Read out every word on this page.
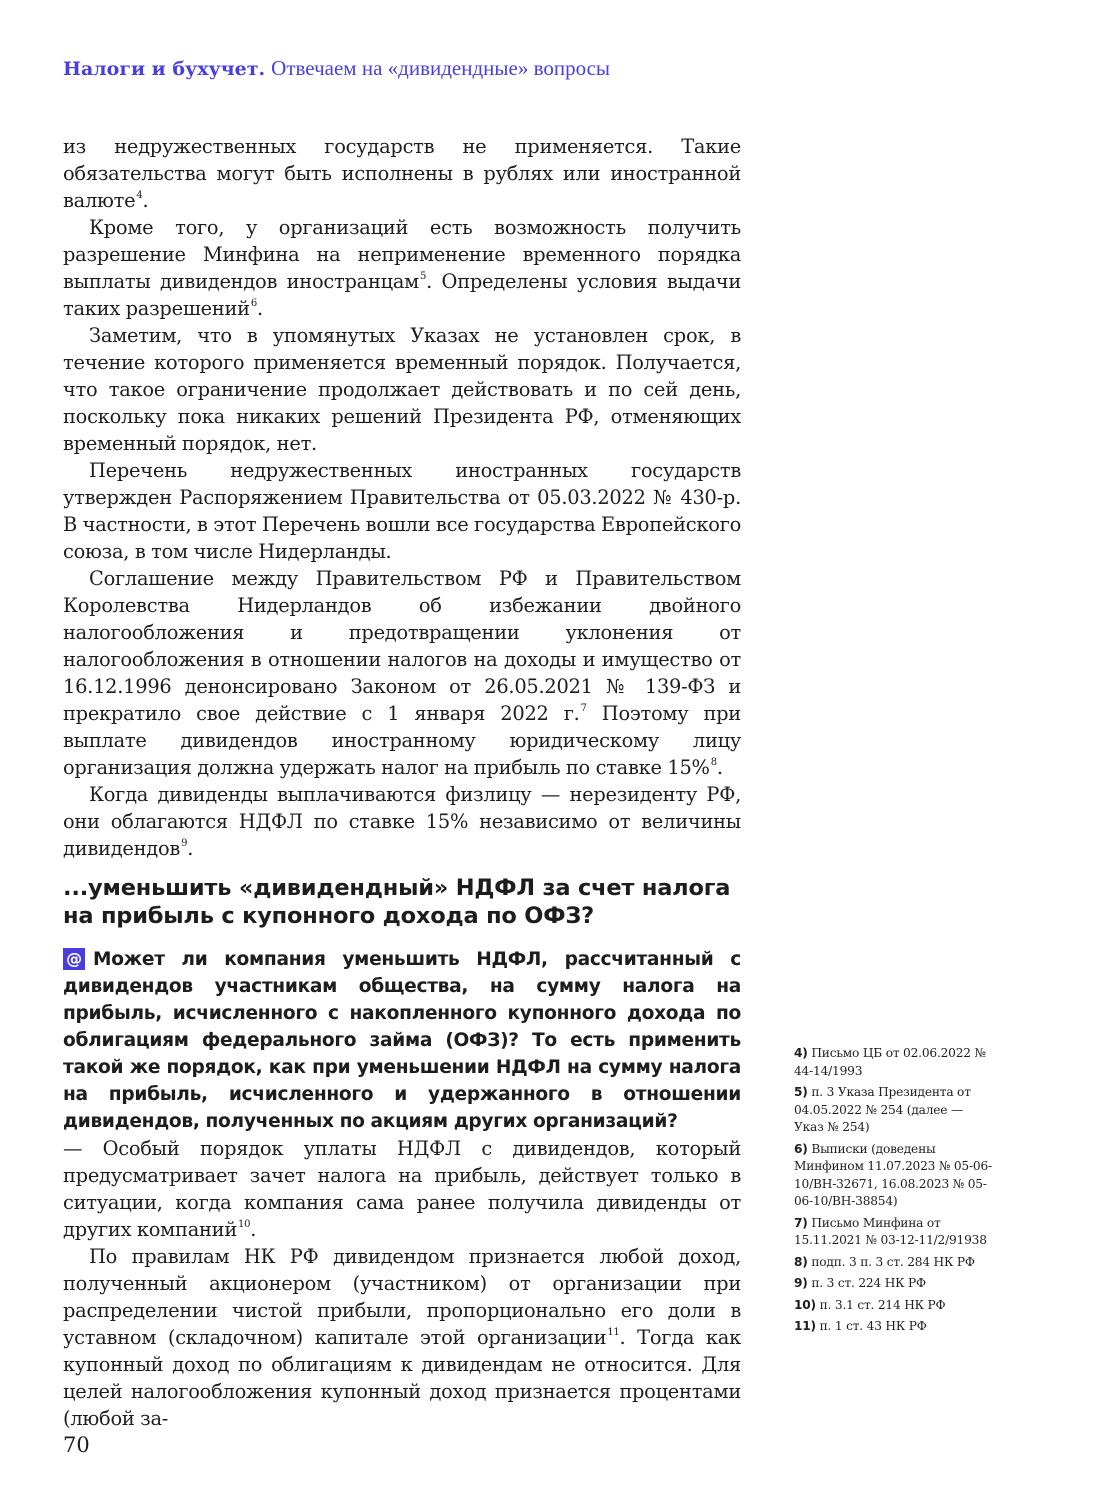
Налоги и бухучет. Отвечаем на «дивидендные» вопросы

из недружественных государств не применяется. Такие обязательства могут быть исполнены в рублях или иностранной валюте$^4$.

Кроме того, у организаций есть возможность получить разрешение Минфина на неприменение временного порядка выплаты дивидендов иностранцам$^5$. Определены условия выдачи таких разрешений$^6$.

Заметим, что в упомянутых Указах не установлен срок, в течение которого применяется временный порядок. Получается, что такое ограничение продолжает действовать и по сей день, поскольку пока никаких решений Президента РФ, отменяющих временный порядок, нет.

Перечень недружественных иностранных государств утвержден Распоряжением Правительства от 05.03.2022 № 430-р. В частности, в этот Перечень вошли все государства Европейского союза, в том числе Нидерланды.

Соглашение между Правительством РФ и Правительством Королевства Нидерландов об избежании двойного налогообложения и предотвращении уклонения от налогообложения в отношении налогов на доходы и имущество от 16.12.1996 денонсировано Законом от 26.05.2021 № 139-ФЗ и прекратило свое действие с 1 января 2022 г.$^7$ Поэтому при выплате дивидендов иностранному юридическому лицу организация должна удержать налог на прибыль по ставке 15%$^8$.

Когда дивиденды выплачиваются физлицу — нерезиденту РФ, они облагаются НДФЛ по ставке 15% независимо от величины дивидендов$^9$.

...уменьшить «дивидендный» НДФЛ за счет налога на прибыль с купонного дохода по ОФЗ?

@ Может ли компания уменьшить НДФЛ, рассчитанный с дивидендов участникам общества, на сумму налога на прибыль, исчисленного с накопленного купонного дохода по облигациям федерального займа (ОФЗ)? То есть применить такой же порядок, как при уменьшении НДФЛ на сумму налога на прибыль, исчисленного и удержанного в отношении дивидендов, полученных по акциям других организаций?

— Особый порядок уплаты НДФЛ с дивидендов, который предусматривает зачет налога на прибыль, действует только в ситуации, когда компания сама ранее получила дивиденды от других компаний$^{10}$.

По правилам НК РФ дивидендом признается любой доход, полученный акционером (участником) от организации при распределении чистой прибыли, пропорционально его доли в уставном (складочном) капитале этой организации$^{11}$. Тогда как купонный доход по облигациям к дивидендам не относится. Для целей налогообложения купонный доход признается процентами (любой за-

4) Письмо ЦБ от 02.06.2022 № 44-14/1993

5) п. 3 Указа Президента от 04.05.2022 № 254 (далее — Указ № 254)

6) Выписки (доведены Минфином 11.07.2023 № 05-06-10/ВН-32671, 16.08.2023 № 05-06-10/ВН-38854)

7) Письмо Минфина от 15.11.2021 № 03-12-11/2/91938

8) подп. 3 п. 3 ст. 284 НК РФ

9) п. 3 ст. 224 НК РФ

10) п. 3.1 ст. 214 НК РФ

11) п. 1 ст. 43 НК РФ

70
